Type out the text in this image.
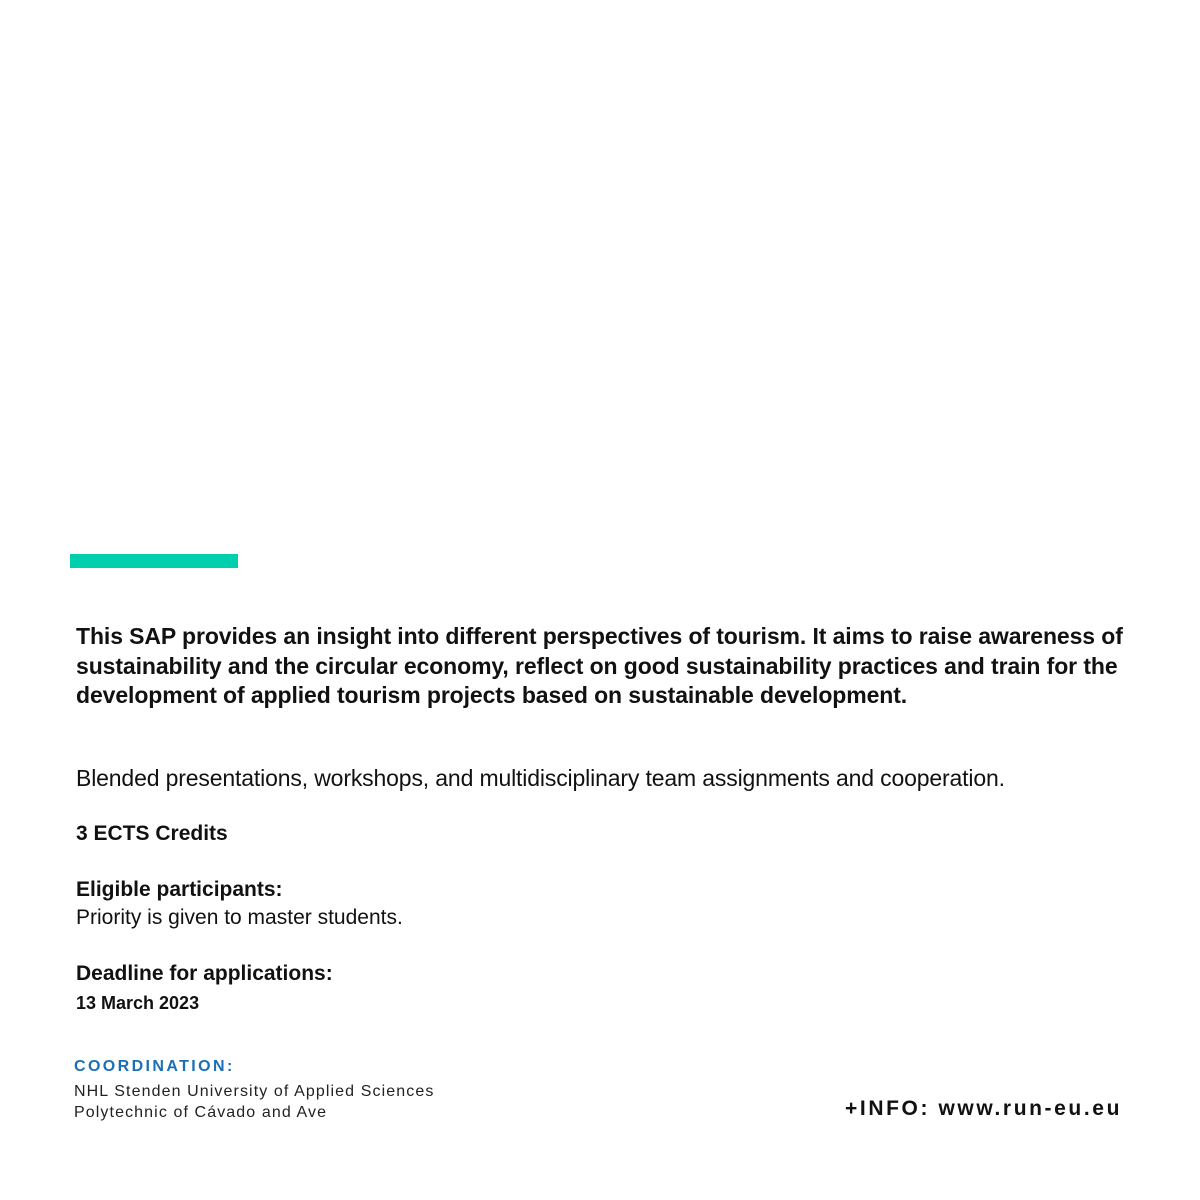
This SAP provides an insight into different perspectives of tourism. It aims to raise awareness of sustainability and the circular economy, reflect on good sustainability practices and train for the development of applied tourism projects based on sustainable development.

Blended presentations, workshops, and multidisciplinary team assignments and cooperation.

3 ECTS Credits

Eligible participants:

Priority is given to master students.

Deadline for applications:

13 March 2023

COORDINATION:

NHL Stenden University of Applied Sciences

Polytechnic of Cávado and Ave	+INFO: www.run-eu.eu
